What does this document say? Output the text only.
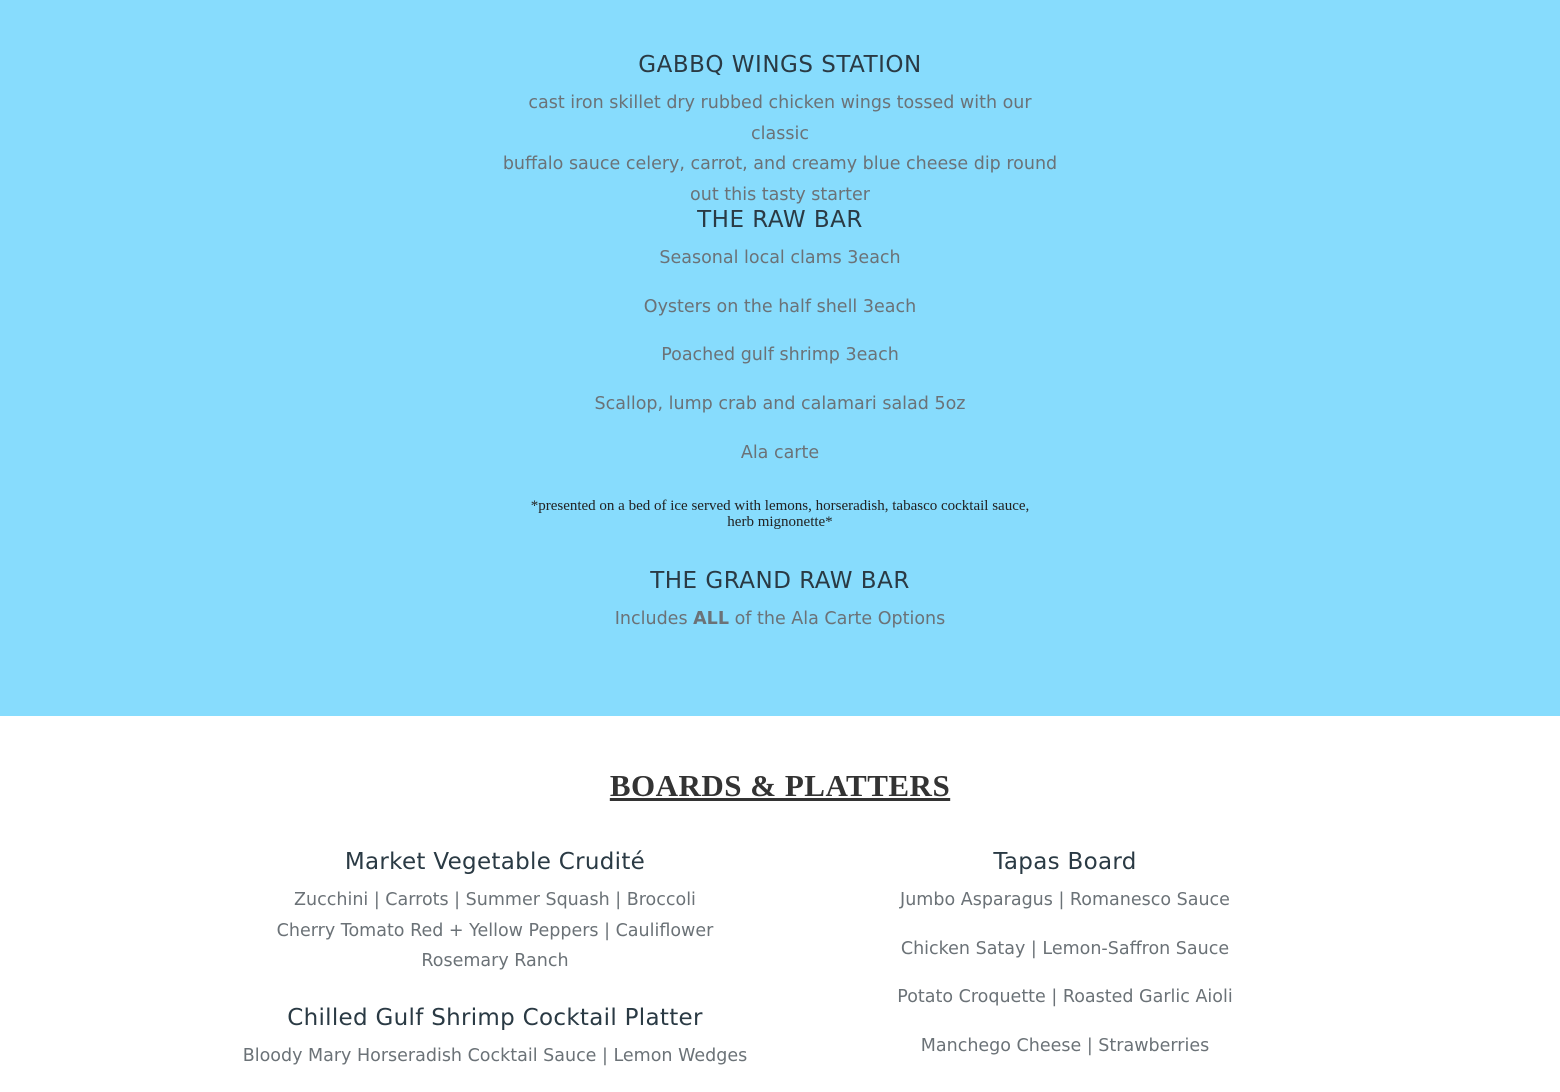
GABBQ WINGS STATION

cast iron skillet dry rubbed chicken wings tossed with our classic

buffalo sauce celery, carrot, and creamy blue cheese dip round

out this tasty starter

THE RAW BAR

Seasonal local clams 3each

Oysters on the half shell 3each

Poached gulf shrimp 3each

Scallop, lump crab and calamari salad 5oz

Ala carte

*presented on a bed of ice served with lemons, horseradish, tabasco cocktail sauce,

herb mignonette*

THE GRAND RAW BAR

Includes ALL of the Ala Carte Options

BOARDS & PLATTERS
Market Vegetable Crudité

Zucchini | Carrots | Summer Squash | Broccoli

Cherry Tomato Red + Yellow Peppers | Cauliflower

Rosemary Ranch

Chilled Gulf Shrimp Cocktail Platter

Bloody Mary Horseradish Cocktail Sauce | Lemon Wedges

Tapas Board

Jumbo Asparagus | Romanesco Sauce

Chicken Satay | Lemon-Saffron Sauce

Potato Croquette | Roasted Garlic Aioli

Manchego Cheese | Strawberries
